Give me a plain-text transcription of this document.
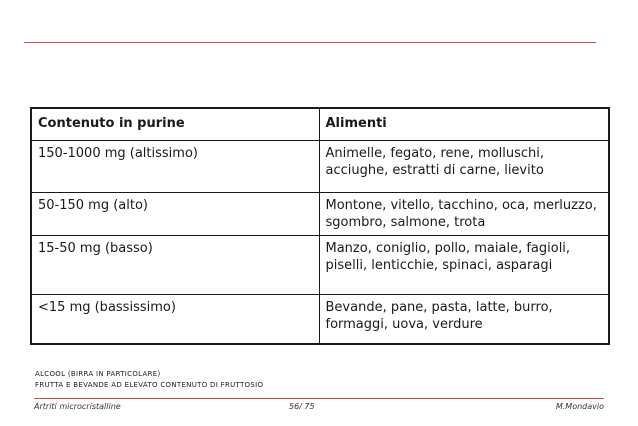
Contenuto in purine	Alimenti
150-1000 mg (altissimo)	Animelle, fegato, rene, molluschi, acciughe, estratti di carne, lievito
50-150 mg (alto)	Montone, vitello, tacchino, oca, merluzzo, sgombro, salmone, trota
15-50 mg (basso)	Manzo, coniglio, pollo, maiale, fagioli, piselli, lenticchie, spinaci, asparagi
<15 mg (bassissimo)	Bevande, pane, pasta, latte, burro, formaggi, uova, verdure
ALCOOL (BIRRA IN PARTICOLARE)
FRUTTA E BEVANDE AD ELEVATO CONTENUTO DI FRUTTOSIO
Artriti microcristalline	56/ 75	M.Mondavio
